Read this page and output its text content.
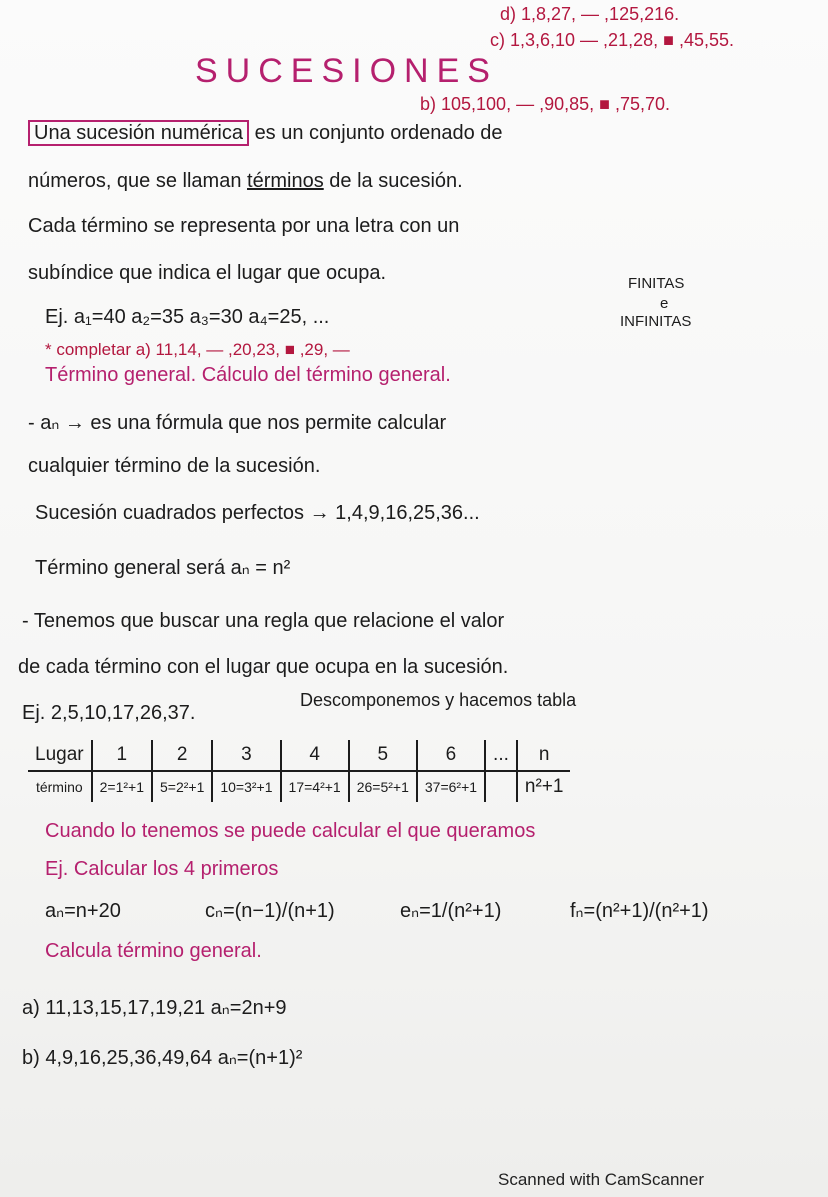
d) 1,8,27, — ,125,216.
c) 1,3,6,10 — ,21,28, ■ ,45,55.
SUCESIONES
b) 105,100, — ,90,85, ■ ,75,70.
Una sucesión numérica es un conjunto ordenado de
números, que se llaman términos de la sucesión.
Cada término se representa por una letra con un
subíndice que indica el lugar que ocupa.	FINITAS
e
INFINITAS
Ej. a₁=40 a₂=35 a₃=30 a₄=25, ...
* completar a) 11,14, — ,20,23, ■ ,29, —
Término general. Cálculo del término general.
- aₙ → es una fórmula que nos permite calcular
cualquier término de la sucesión.
Sucesión cuadrados perfectos → 1,4,9,16,25,36...
Término general será aₙ = n²
- Tenemos que buscar una regla que relacione el valor
de cada término con el lugar que ocupa en la sucesión.
Ej. 2,5,10,17,26,37.
Descomponemos y hacemos tabla
Lugar	1	2	3	4	5	6	...	n
término	2=1²+1	5=2²+1	10=3²+1	17=4²+1	26=5²+1	37=6²+1		n²+1
Cuando lo tenemos se puede calcular el que queramos
Ej. Calcular los 4 primeros
aₙ=n+20	cₙ=(n−1)/(n+1)	eₙ=1/(n²+1)	fₙ=(n²+1)/(n²+1)
Calcula término general.
a) 11,13,15,17,19,21 aₙ=2n+9
b) 4,9,16,25,36,49,64 aₙ=(n+1)²
Scanned with CamScanner
